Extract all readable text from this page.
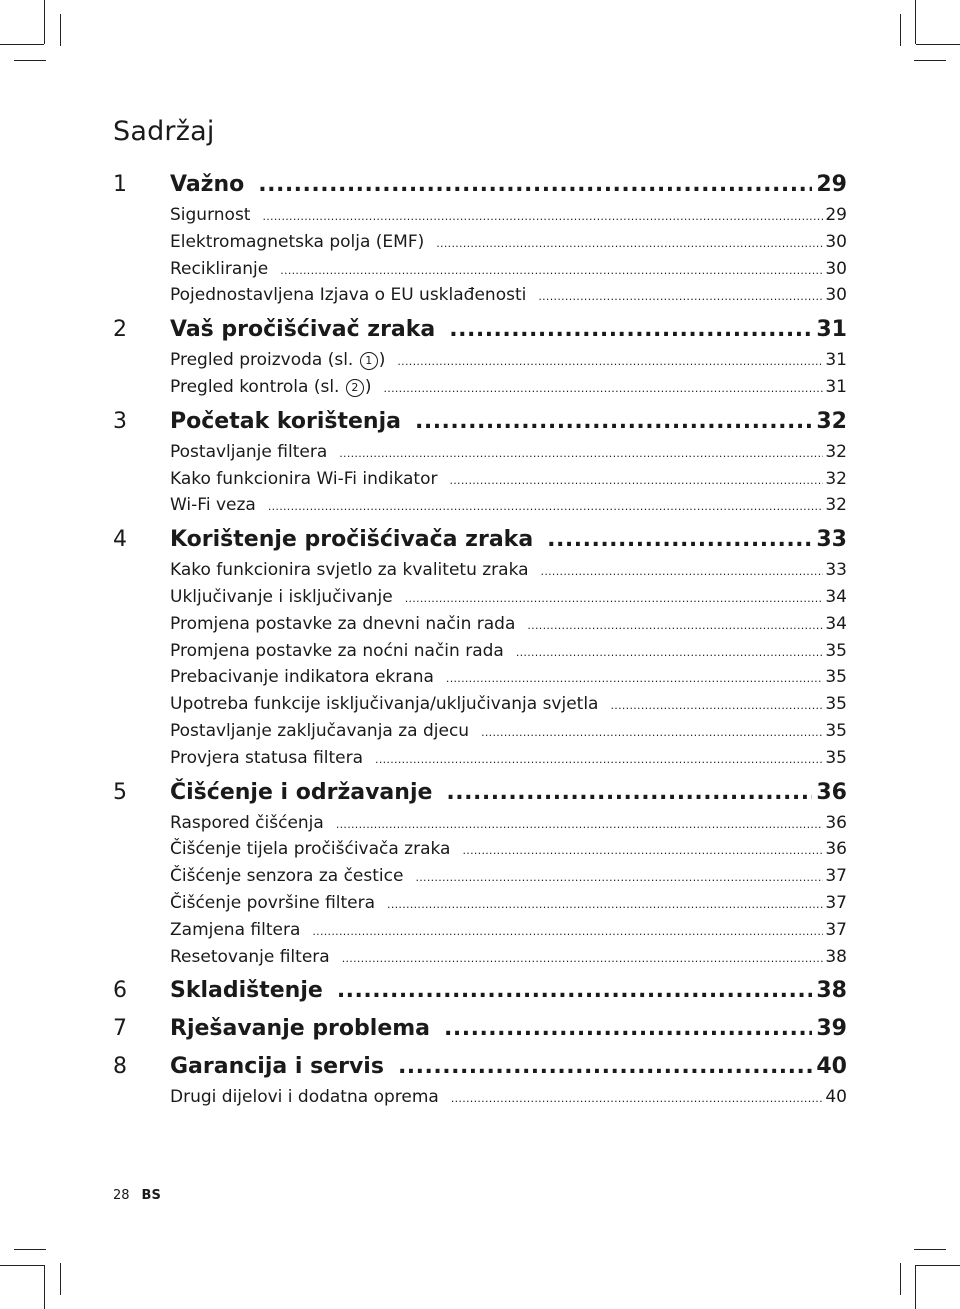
Sadržaj
1	Važno .....	29
Sigurnost .....	29
Elektromagnetska polja (EMF) .....	30
Recikliranje .....	30
Pojednostavljena Izjava o EU usklađenosti .....	30
2	Vaš pročišćivač zraka .....	31
Pregled proizvoda (sl. 1 ) .....	31
Pregled kontrola (sl. 2 ) .....	31
3	Početak korištenja .....	32
Postavljanje filtera .....	32
Kako funkcionira Wi-Fi indikator .....	32
Wi-Fi veza .....	32
4	Korištenje pročišćivača zraka .....	33
Kako funkcionira svjetlo za kvalitetu zraka .....	33
Uključivanje i isključivanje .....	34
Promjena postavke za dnevni način rada .....	34
Promjena postavke za noćni način rada .....	35
Prebacivanje indikatora ekrana .....	35
Upotreba funkcije isključivanja/uključivanja svjetla .....	35
Postavljanje zaključavanja za djecu .....	35
Provjera statusa filtera .....	35
5	Čišćenje i održavanje .....	36
Raspored čišćenja .....	36
Čišćenje tijela pročišćivača zraka .....	36
Čišćenje senzora za čestice .....	37
Čišćenje površine filtera .....	37
Zamjena filtera .....	37
Resetovanje filtera .....	38
6	Skladištenje .....	38
7	Rješavanje problema .....	39
8	Garancija i servis .....	40
Drugi dijelovi i dodatna oprema .....	40
28 BS
